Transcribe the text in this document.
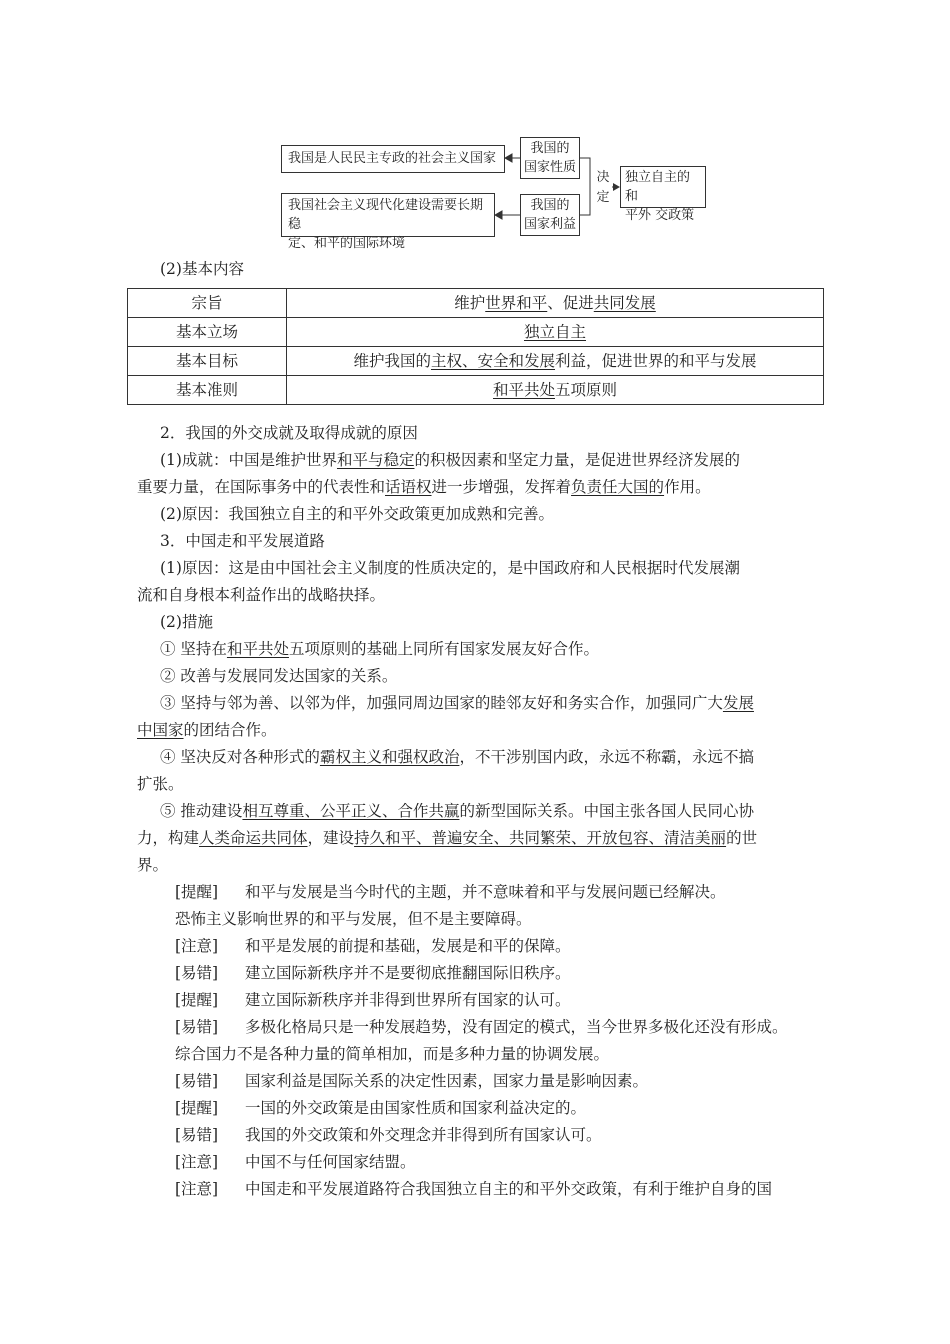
我国是人民民主专政的社会主义国家
我国的
国家性质
我国社会主义现代化建设需要长期稳
定、和平的国际环境
我国的
国家利益
独立自主的和
平外 交政策
决
定
(2)基本内容
宗旨	维护世界和平、促进共同发展
基本立场	独立自主
基本目标	维护我国的主权、安全和发展利益，促进世界的和平与发展
基本准则	和平共处五项原则
2．我国的外交成就及取得成就的原因
(1)成就：中国是维护世界和平与稳定的积极因素和坚定力量，是促进世界经济发展的
重要力量，在国际事务中的代表性和话语权进一步增强，发挥着负责任大国的作用。
(2)原因：我国独立自主的和平外交政策更加成熟和完善。
3．中国走和平发展道路
(1)原因：这是由中国社会主义制度的性质决定的，是中国政府和人民根据时代发展潮
流和自身根本利益作出的战略抉择。
(2)措施
① 坚持在和平共处五项原则的基础上同所有国家发展友好合作。
② 改善与发展同发达国家的关系。
③ 坚持与邻为善、以邻为伴，加强同周边国家的睦邻友好和务实合作，加强同广大发展
中国家的团结合作。
④ 坚决反对各种形式的霸权主义和强权政治，不干涉别国内政，永远不称霸，永远不搞
扩张。
⑤ 推动建设相互尊重、公平正义、合作共赢的新型国际关系。中国主张各国人民同心协
力，构建人类命运共同体，建设持久和平、普遍安全、共同繁荣、开放包容、清洁美丽的世
界。
[提醒] 和平与发展是当今时代的主题，并不意味着和平与发展问题已经解决。
恐怖主义影响世界的和平与发展，但不是主要障碍。
[注意] 和平是发展的前提和基础，发展是和平的保障。
[易错] 建立国际新秩序并不是要彻底推翻国际旧秩序。
[提醒] 建立国际新秩序并非得到世界所有国家的认可。
[易错] 多极化格局只是一种发展趋势，没有固定的模式，当今世界多极化还没有形成。
综合国力不是各种力量的简单相加，而是多种力量的协调发展。
[易错] 国家利益是国际关系的决定性因素，国家力量是影响因素。
[提醒] 一国的外交政策是由国家性质和国家利益决定的。
[易错] 我国的外交政策和外交理念并非得到所有国家认可。
[注意] 中国不与任何国家结盟。
[注意] 中国走和平发展道路符合我国独立自主的和平外交政策，有利于维护自身的国
